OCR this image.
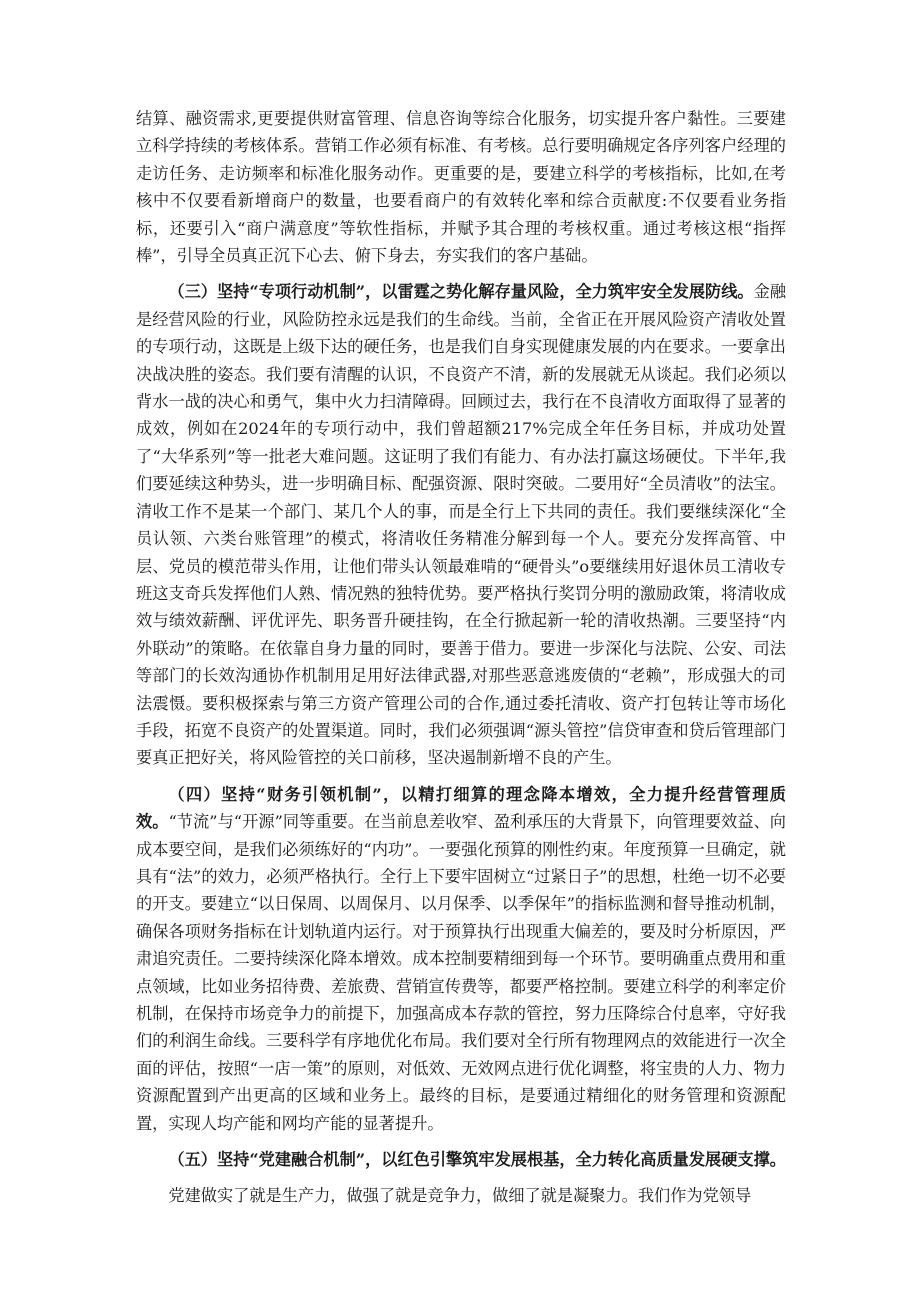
结算、融资需求,更要提供财富管理、信息咨询等综合化服务，切实提升客户黏性。三要建立科学持续的考核体系。营销工作必须有标准、有考核。总行要明确规定各序列客户经理的走访任务、走访频率和标准化服务动作。更重要的是，要建立科学的考核指标，比如,在考核中不仅要看新增商户的数量，也要看商户的有效转化率和综合贡献度:不仅要看业务指标，还要引入“商户满意度”等软性指标，并赋予其合理的考核权重。通过考核这根“指挥棒”，引导全员真正沉下心去、俯下身去，夯实我们的客户基础。

（三）坚持“专项行动机制”，以雷霆之势化解存量风险，全力筑牢安全发展防线。金融是经营风险的行业，风险防控永远是我们的生命线。当前，全省正在开展风险资产清收处置的专项行动，这既是上级下达的硬任务，也是我们自身实现健康发展的内在要求。一要拿出决战决胜的姿态。我们要有清醒的认识，不良资产不清，新的发展就无从谈起。我们必须以背水一战的决心和勇气，集中火力扫清障碍。回顾过去，我行在不良清收方面取得了显著的成效，例如在2024年的专项行动中，我们曾超额217%完成全年任务目标，并成功处置了“大华系列”等一批老大难问题。这证明了我们有能力、有办法打赢这场硬仗。下半年,我们要延续这种势头，进一步明确目标、配强资源、限时突破。二要用好“全员清收”的法宝。清收工作不是某一个部门、某几个人的事，而是全行上下共同的责任。我们要继续深化“全员认领、六类台账管理”的模式，将清收任务精准分解到每一个人。要充分发挥高管、中层、党员的模范带头作用，让他们带头认领最难啃的“硬骨头”o要继续用好退休员工清收专班这支奇兵发挥他们人熟、情况熟的独特优势。要严格执行奖罚分明的激励政策，将清收成效与绩效薪酬、评优评先、职务晋升硬挂钩，在全行掀起新一轮的清收热潮。三要坚持“内外联动”的策略。在依靠自身力量的同时，要善于借力。要进一步深化与法院、公安、司法等部门的长效沟通协作机制用足用好法律武器,对那些恶意逃废债的“老赖”，形成强大的司法震慑。要积极探索与第三方资产管理公司的合作,通过委托清收、资产打包转让等市场化手段，拓宽不良资产的处置渠道。同时，我们必须强调“源头管控”信贷审查和贷后管理部门要真正把好关，将风险管控的关口前移，坚决遏制新增不良的产生。

（四）坚持“财务引领机制”，以精打细算的理念降本增效，全力提升经营管理质效。“节流”与“开源”同等重要。在当前息差收窄、盈利承压的大背景下，向管理要效益、向成本要空间，是我们必须练好的“内功”。一要强化预算的刚性约束。年度预算一旦确定，就具有“法”的效力，必须严格执行。全行上下要牢固树立“过紧日子”的思想，杜绝一切不必要的开支。要建立“以日保周、以周保月、以月保季、以季保年”的指标监测和督导推动机制，确保各项财务指标在计划轨道内运行。对于预算执行出现重大偏差的，要及时分析原因，严肃追究责任。二要持续深化降本增效。成本控制要精细到每一个环节。要明确重点费用和重点领域，比如业务招待费、差旅费、营销宣传费等，都要严格控制。要建立科学的利率定价机制，在保持市场竞争力的前提下，加强高成本存款的管控，努力压降综合付息率，守好我们的利润生命线。三要科学有序地优化布局。我们要对全行所有物理网点的效能进行一次全面的评估，按照“一店一策”的原则，对低效、无效网点进行优化调整，将宝贵的人力、物力资源配置到产出更高的区域和业务上。最终的目标，是要通过精细化的财务管理和资源配置，实现人均产能和网均产能的显著提升。

（五）坚持“党建融合机制”，以红色引擎筑牢发展根基，全力转化高质量发展硬支撑。

党建做实了就是生产力，做强了就是竞争力，做细了就是凝聚力。我们作为党领导
